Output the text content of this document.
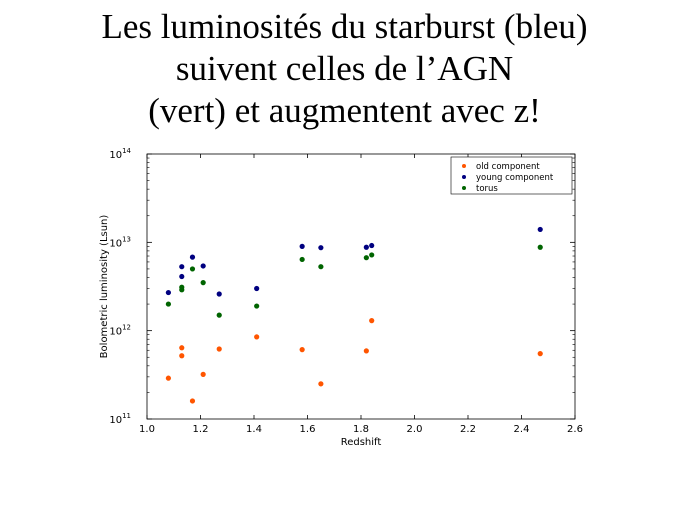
Les luminosités du starburst (bleu)
suivent celles de l’AGN
(vert) et augmentent avec z!
1.0	1.2	1.4	1.6	1.8	2.0	2.2	2.4	2.6
$10^{11}$
$10^{12}$
$10^{13}$
$10^{14}$
Redshift
Bolometric luminosity (Lsun)
old component
young component
torus
